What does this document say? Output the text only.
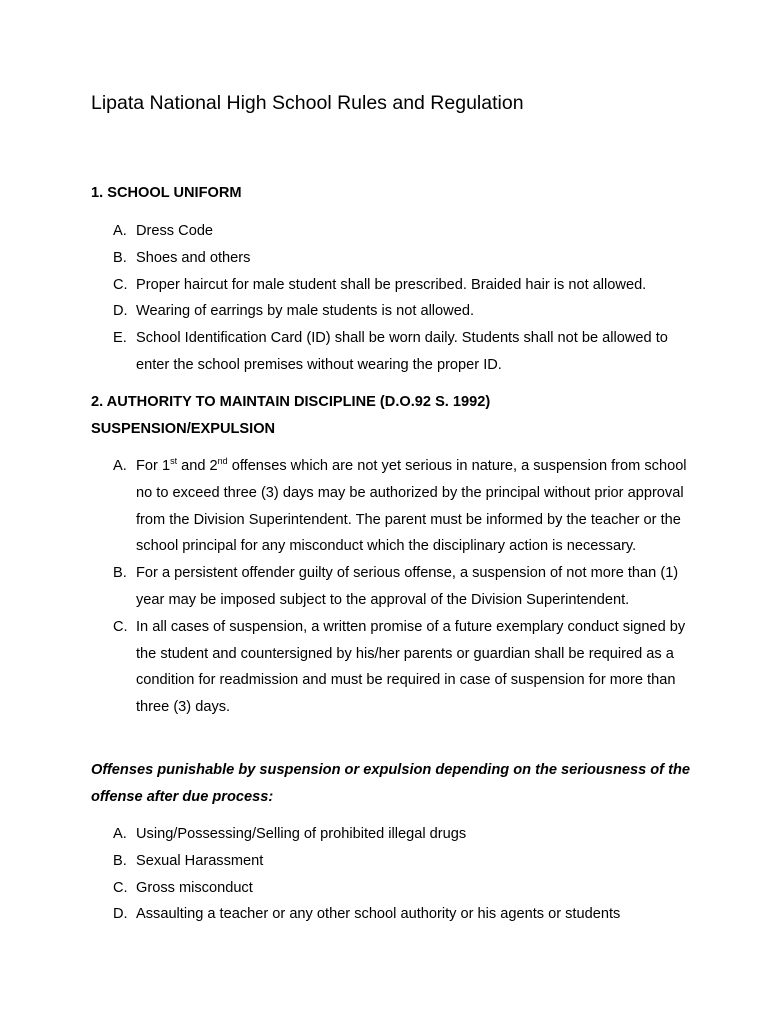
Lipata National High School Rules and Regulation
1. SCHOOL UNIFORM
A. Dress Code
B. Shoes and others
C. Proper haircut for male student shall be prescribed. Braided hair is not allowed.
D. Wearing of earrings by male students is not allowed.
E. School Identification Card (ID) shall be worn daily. Students shall not be allowed to enter the school premises without wearing the proper ID.
2. AUTHORITY TO MAINTAIN DISCIPLINE (D.O.92 S. 1992)
SUSPENSION/EXPULSION
A. For 1st and 2nd offenses which are not yet serious in nature, a suspension from school no to exceed three (3) days may be authorized by the principal without prior approval from the Division Superintendent. The parent must be informed by the teacher or the school principal for any misconduct which the disciplinary action is necessary.
B. For a persistent offender guilty of serious offense, a suspension of not more than (1) year may be imposed subject to the approval of the Division Superintendent.
C. In all cases of suspension, a written promise of a future exemplary conduct signed by the student and countersigned by his/her parents or guardian shall be required as a condition for readmission and must be required in case of suspension for more than three (3) days.

Offenses punishable by suspension or expulsion depending on the seriousness of the offense after due process:

A. Using/Possessing/Selling of prohibited illegal drugs
B. Sexual Harassment
C. Gross misconduct
D. Assaulting a teacher or any other school authority or his agents or students
